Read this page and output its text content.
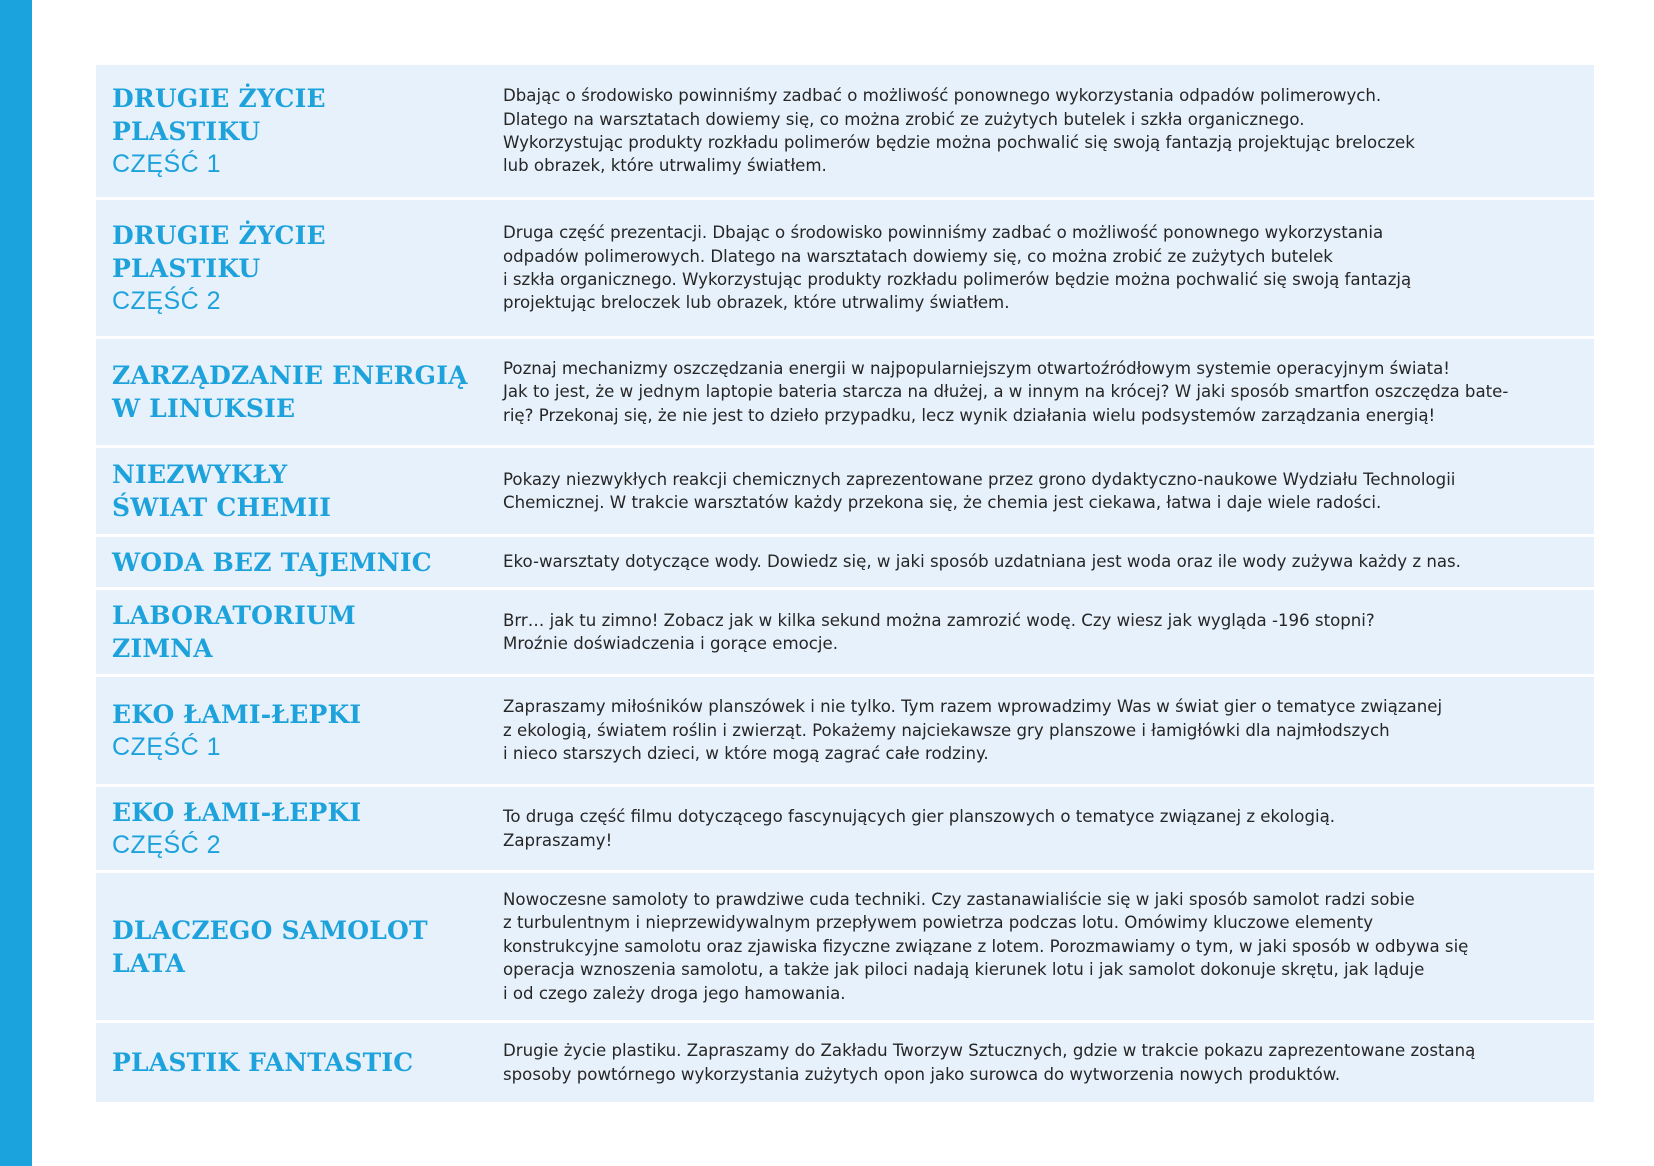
DRUGIE ŻYCIE PLASTIKU
CZĘŚĆ 1
Dbając o środowisko powinniśmy zadbać o możliwość ponownego wykorzystania odpadów polimerowych.
Dlatego na warsztatach dowiemy się, co można zrobić ze zużytych butelek i szkła organicznego.
Wykorzystując produkty rozkładu polimerów będzie można pochwalić się swoją fantazją projektując breloczek
lub obrazek, które utrwalimy światłem.
DRUGIE ŻYCIE PLASTIKU
CZĘŚĆ 2
Druga część prezentacji. Dbając o środowisko powinniśmy zadbać o możliwość ponownego wykorzystania
odpadów polimerowych. Dlatego na warsztatach dowiemy się, co można zrobić ze zużytych butelek
i szkła organicznego. Wykorzystując produkty rozkładu polimerów będzie można pochwalić się swoją fantazją
projektując breloczek lub obrazek, które utrwalimy światłem.
ZARZĄDZANIE ENERGIĄ
W LINUKSIE
Poznaj mechanizmy oszczędzania energii w najpopularniejszym otwartoźródłowym systemie operacyjnym świata!
Jak to jest, że w jednym laptopie bateria starcza na dłużej, a w innym na krócej? W jaki sposób smartfon oszczędza bate-
rię? Przekonaj się, że nie jest to dzieło przypadku, lecz wynik działania wielu podsystemów zarządzania energią!
NIEZWYKŁY
ŚWIAT CHEMII
Pokazy niezwykłych reakcji chemicznych zaprezentowane przez grono dydaktyczno-naukowe Wydziału Technologii
Chemicznej. W trakcie warsztatów każdy przekona się, że chemia jest ciekawa, łatwa i daje wiele radości.
WODA BEZ TAJEMNIC	Eko-warsztaty dotyczące wody. Dowiedz się, w jaki sposób uzdatniana jest woda oraz ile wody zużywa każdy z nas.
LABORATORIUM
ZIMNA
Brr… jak tu zimno! Zobacz jak w kilka sekund można zamrozić wodę. Czy wiesz jak wygląda -196 stopni?
Mroźnie doświadczenia i gorące emocje.
EKO ŁAMI-ŁEPKI
CZĘŚĆ 1
Zapraszamy miłośników planszówek i nie tylko. Tym razem wprowadzimy Was w świat gier o tematyce związanej
z ekologią, światem roślin i zwierząt. Pokażemy najciekawsze gry planszowe i łamigłówki dla najmłodszych
i nieco starszych dzieci, w które mogą zagrać całe rodziny.
EKO ŁAMI-ŁEPKI
CZĘŚĆ 2
To druga część filmu dotyczącego fascynujących gier planszowych o tematyce związanej z ekologią.
Zapraszamy!
DLACZEGO SAMOLOT LATA
Nowoczesne samoloty to prawdziwe cuda techniki. Czy zastanawialiście się w jaki sposób samolot radzi sobie
z turbulentnym i nieprzewidywalnym przepływem powietrza podczas lotu. Omówimy kluczowe elementy
konstrukcyjne samolotu oraz zjawiska fizyczne związane z lotem. Porozmawiamy o tym, w jaki sposób w odbywa się
operacja wznoszenia samolotu, a także jak piloci nadają kierunek lotu i jak samolot dokonuje skrętu, jak ląduje
i od czego zależy droga jego hamowania.
PLASTIK FANTASTIC	Drugie życie plastiku. Zapraszamy do Zakładu Tworzyw Sztucznych, gdzie w trakcie pokazu zaprezentowane zostaną
sposoby powtórnego wykorzystania zużytych opon jako surowca do wytworzenia nowych produktów.
